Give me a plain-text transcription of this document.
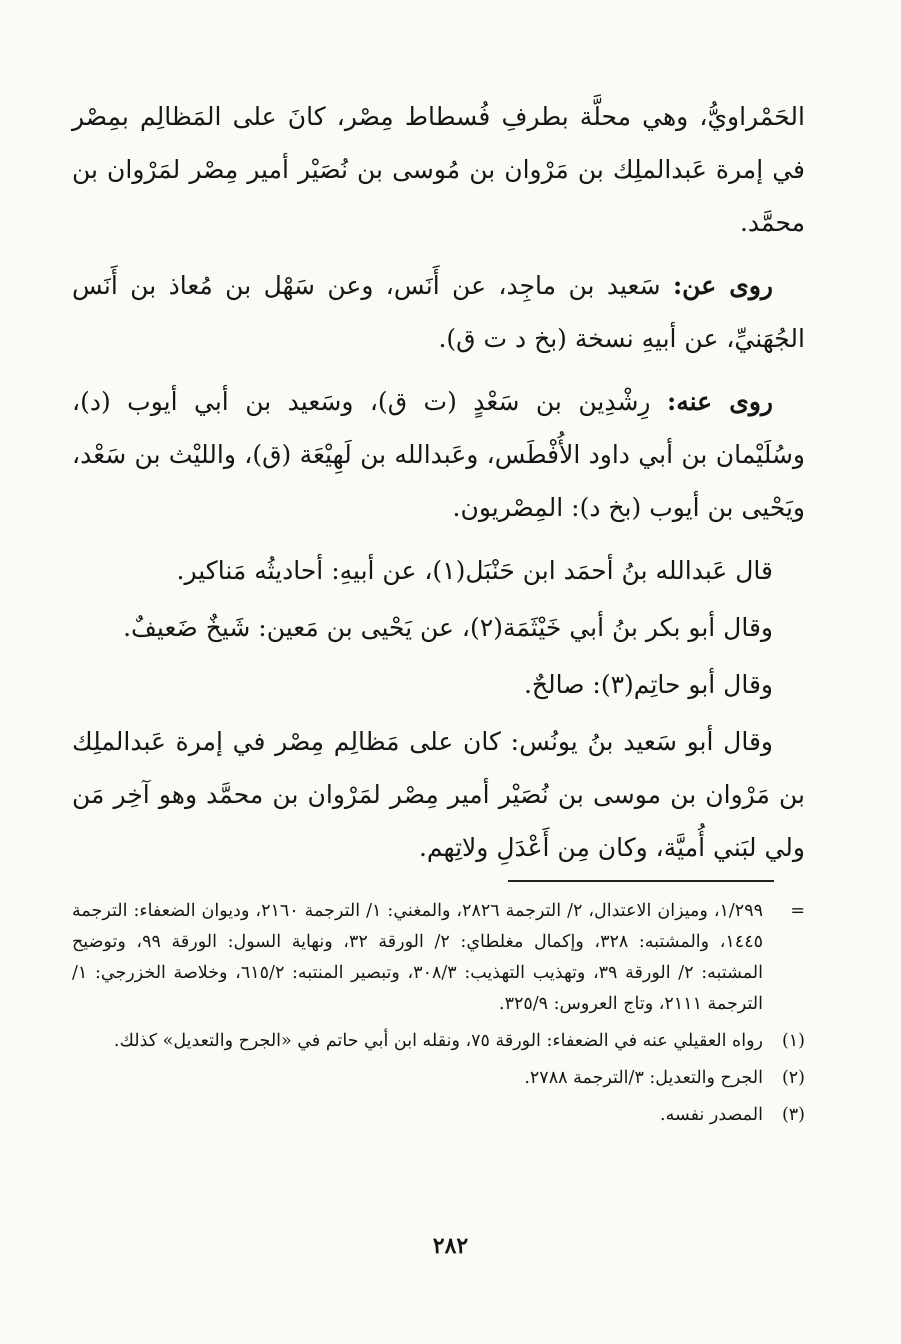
الحَمْراويُّ، وهي محلَّة بطرفِ فُسطاط مِصْر، كانَ على المَظالِم بمِصْر في إمرة عَبدالملِك بن مَرْوان بن مُوسى بن نُصَيْر أمير مِصْر لمَرْوان بن محمَّد.

روى عن: سَعيد بن ماجِد، عن أَنَس، وعن سَهْل بن مُعاذ بن أَنَس الجُهَنيِّ، عن أبيهِ نسخة (بخ د ت ق).

روى عنه: رِشْدِين بن سَعْدٍ (ت ق)، وسَعيد بن أبي أيوب (د)، وسُلَيْمان بن أبي داود الأُفْطَس، وعَبدالله بن لَهِيْعَة (ق)، والليْث بن سَعْد، ويَحْيى بن أيوب (بخ د): المِصْريون.

قال عَبدالله بنُ أحمَد ابن حَنْبَل(١)، عن أبيهِ: أحاديثُه مَناكير.

وقال أبو بكر بنُ أبي خَيْثَمَة(٢)، عن يَحْيى بن مَعين: شَيخٌ ضَعيفٌ.

وقال أبو حاتِم(٣): صالحٌ.

وقال أبو سَعيد بنُ يونُس: كان على مَظالِم مِصْر في إمرة عَبدالملِك بن مَرْوان بن موسى بن نُصَيْر أمير مِصْر لمَرْوان بن محمَّد وهو آخِر مَن ولي لبَني أُميَّة، وكان مِن أَعْدَلِ ولاتِهم.

=
١/٢٩٩، وميزان الاعتدال، ٢/ الترجمة ٢٨٢٦، والمغني: ١/ الترجمة ٢١٦٠، وديوان الضعفاء: الترجمة ١٤٤٥، والمشتبه: ٣٢٨، وإكمال مغلطاي: ٢/ الورقة ٣٢، ونهاية السول: الورقة ٩٩، وتوضيح المشتبه: ٢/ الورقة ٣٩، وتهذيب التهذيب: ٣٠٨/٣، وتبصير المنتبه: ٦١٥/٢، وخلاصة الخزرجي: ١/ الترجمة ٢١١١، وتاج العروس: ٣٢٥/٩.
(١)
رواه العقيلي عنه في الضعفاء: الورقة ٧٥، ونقله ابن أبي حاتم في «الجرح والتعديل» كذلك.
(٢)
الجرح والتعديل: ٣/الترجمة ٢٧٨٨.
(٣)
المصدر نفسه.
٢٨٢
